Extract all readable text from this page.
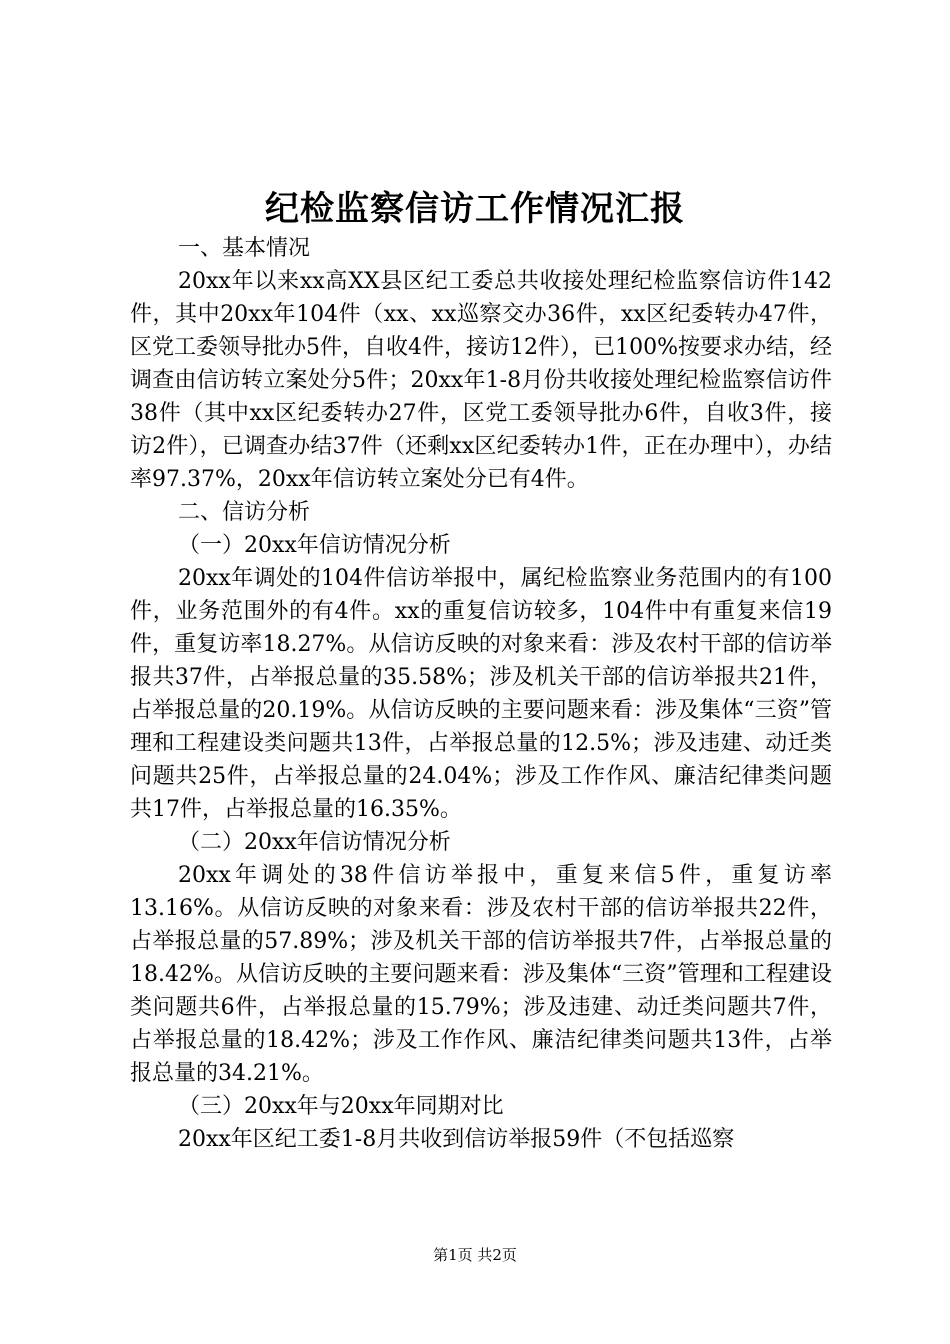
纪检监察信访工作情况汇报

一、基本情况

20xx年以来xx高XX县区纪工委总共收接处理纪检监察信访件142件，其中20xx年104件（xx、xx巡察交办36件，xx区纪委转办47件，区党工委领导批办5件，自收4件，接访12件），已100%按要求办结，经调查由信访转立案处分5件；20xx年1-8月份共收接处理纪检监察信访件38件（其中xx区纪委转办27件，区党工委领导批办6件，自收3件，接访2件），已调查办结37件（还剩xx区纪委转办1件，正在办理中），办结率97.37%，20xx年信访转立案处分已有4件。

二、信访分析

（一）20xx年信访情况分析

20xx年调处的104件信访举报中，属纪检监察业务范围内的有100件，业务范围外的有4件。xx的重复信访较多，104件中有重复来信19件，重复访率18.27%。从信访反映的对象来看：涉及农村干部的信访举报共37件，占举报总量的35.58%；涉及机关干部的信访举报共21件，占举报总量的20.19%。从信访反映的主要问题来看：涉及集体“三资”管理和工程建设类问题共13件，占举报总量的12.5%；涉及违建、动迁类问题共25件，占举报总量的24.04%；涉及工作作风、廉洁纪律类问题共17件，占举报总量的16.35%。

（二）20xx年信访情况分析

20xx年调处的38件信访举报中，重复来信5件，重复访率13.16%。从信访反映的对象来看：涉及农村干部的信访举报共22件，占举报总量的57.89%；涉及机关干部的信访举报共7件，占举报总量的18.42%。从信访反映的主要问题来看：涉及集体“三资”管理和工程建设类问题共6件，占举报总量的15.79%；涉及违建、动迁类问题共7件，占举报总量的18.42%；涉及工作作风、廉洁纪律类问题共13件，占举报总量的34.21%。

（三）20xx年与20xx年同期对比

20xx年区纪工委1-8月共收到信访举报59件（不包括巡察

第1页 共2页
